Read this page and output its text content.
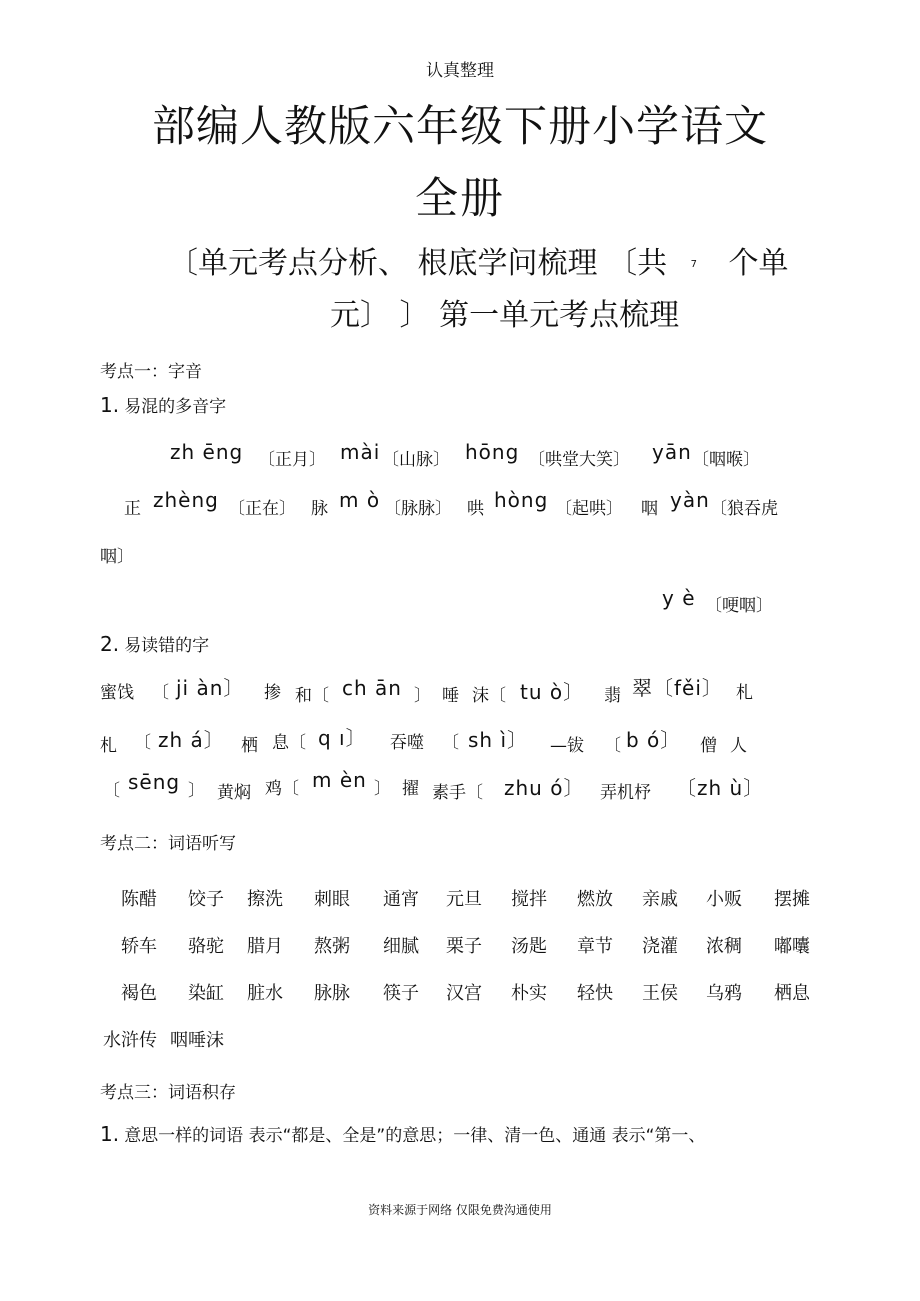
认真整理
部编人教版六年级下册小学语文
全册
〔单元考点分析、 根底学问梳理 〔共 7 个单
元〕 〕 第一单元考点梳理
考点一：字音
1. 易混的多音字
zh ēng 〔正月〕 mài 〔山脉〕 hōng 〔哄堂大笑〕 yān 〔咽喉〕
正 zhèng 〔正在〕 脉 m ò 〔脉脉〕 哄 hòng 〔起哄〕 咽 yàn 〔狼吞虎
咽〕
y è 〔哽咽〕
2. 易读错的字
蜜饯 〔 ji àn〕 掺 和〔 ch ān 〕 唾 沫〔 tu ò〕 翡 翠〔fěi〕 札
札 〔 zh á〕 栖 息〔 q ı〕 吞噬 〔 sh ì〕 —钹 〔 b ó〕 僧 人
〔 sēng 〕 黄焖 鸡〔 m èn 〕 擢 素手〔 zhu ó〕 弄机杼 〔zh ù〕
考点二：词语听写
陈醋 饺子 擦洗 刺眼 通宵 元旦 搅拌 燃放 亲戚 小贩 摆摊
轿车 骆驼 腊月 熬粥 细腻 栗子 汤匙 章节 浇灌 浓稠 嘟囔
褐色 染缸 脏水 脉脉 筷子 汉宫 朴实 轻快 王侯 乌鸦 栖息
水浒传 咽唾沫
考点三：词语积存
1. 意思一样的词语 表示“都是、全是”的意思；一律、清一色、通通 表示“第一、
资料来源于网络 仅限免费沟通使用
